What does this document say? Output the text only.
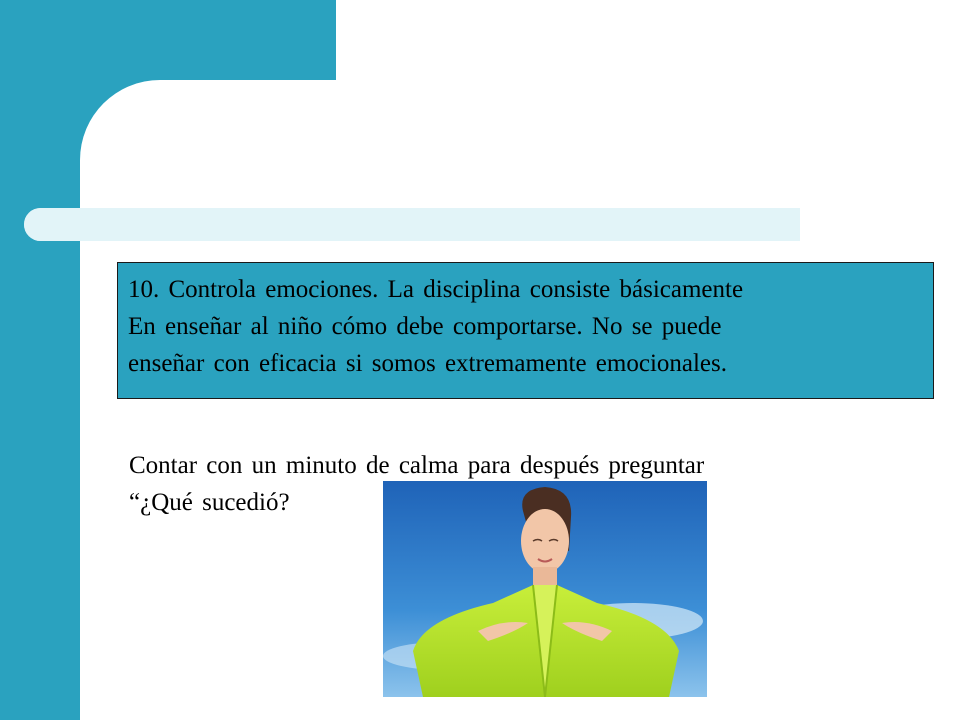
10. Controla emociones. La disciplina consiste básicamente
En enseñar al niño cómo debe comportarse. No se puede
enseñar con eficacia si somos extremamente emocionales.
Contar con un minuto de calma para después preguntar
“¿Qué sucedió?
